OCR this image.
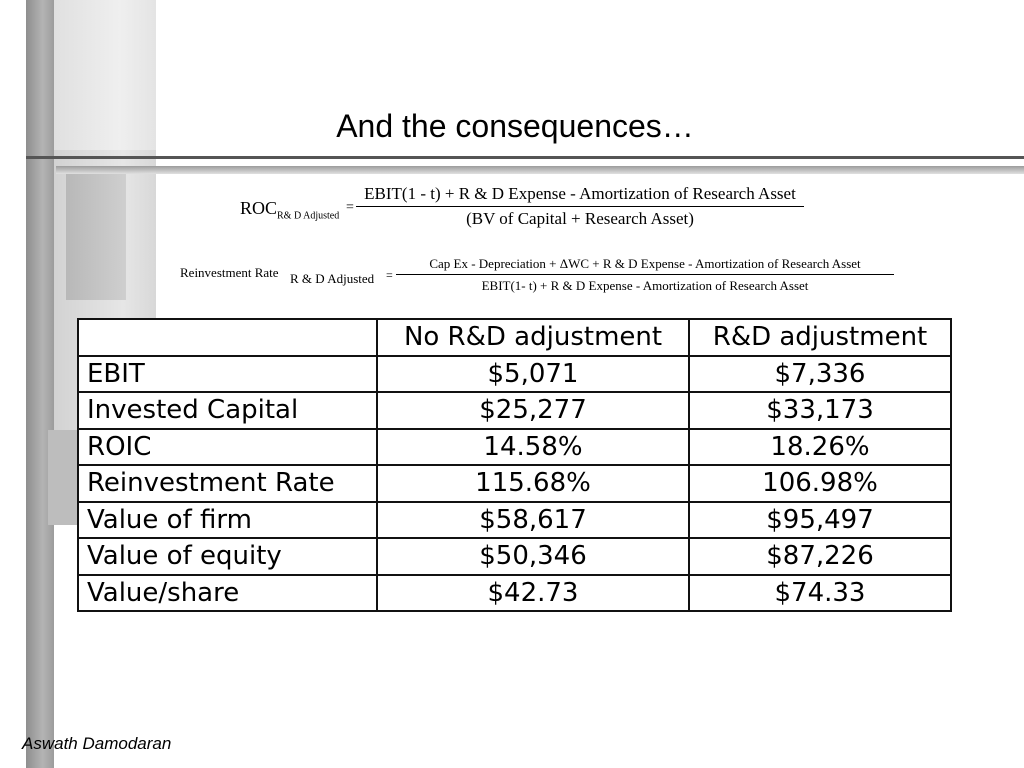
And the consequences…
$ROC_{R\& D Adjusted}$
=
EBIT(1 - t) + R & D Expense - Amortization of Research Asset
(BV of Capital + Research Asset)
Reinvestment Rate R & D Adjusted =
Cap Ex - Depreciation + ΔWC + R & D Expense - Amortization of Research Asset
EBIT(1- t) + R & D Expense - Amortization of Research Asset
	No R&D adjustment	R&D adjustment
EBIT	$5,071	$7,336
Invested Capital	$25,277	$33,173
ROIC	14.58%	18.26%
Reinvestment Rate	115.68%	106.98%
Value of firm	$58,617	$95,497
Value of equity	$50,346	$87,226
Value/share	$42.73	$74.33
Aswath Damodaran
